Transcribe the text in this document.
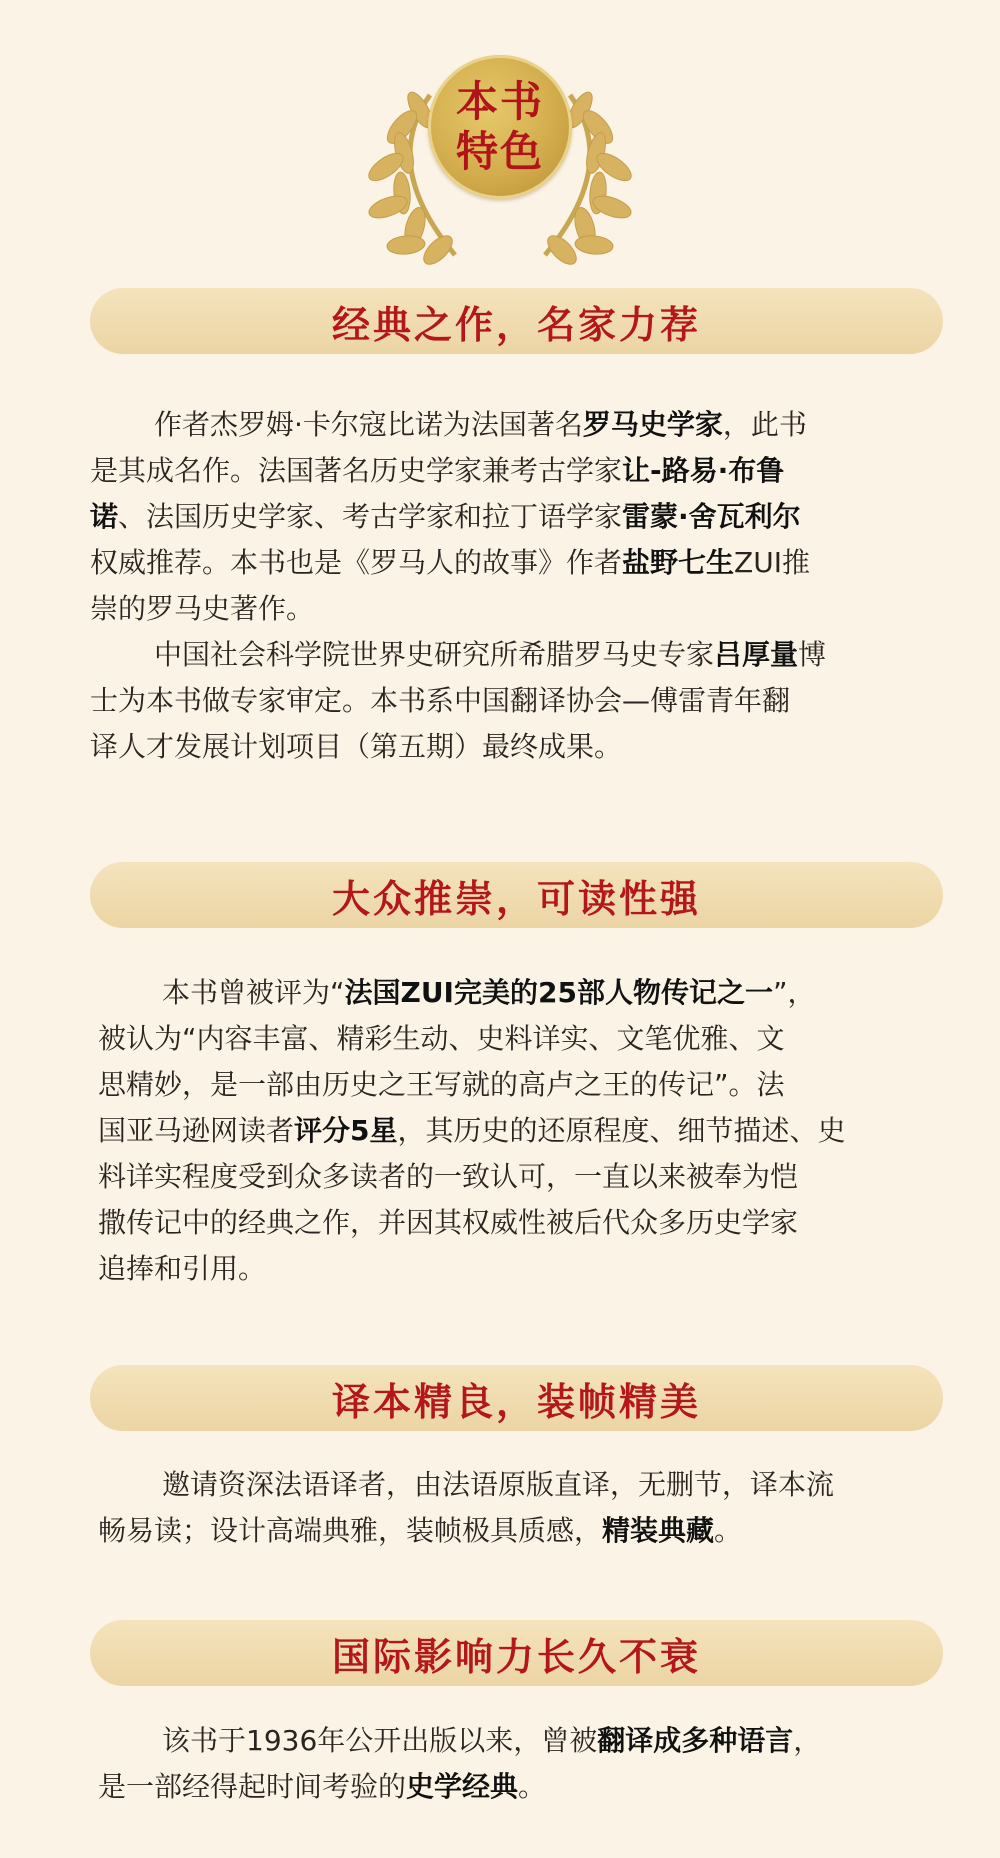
本书
特色
经典之作，名家力荐
作者杰罗姆·卡尔寇比诺为法国著名罗马史学家，此书
是其成名作。法国著名历史学家兼考古学家让-路易·布鲁
诺、法国历史学家、考古学家和拉丁语学家雷蒙·舍瓦利尔
权威推荐。本书也是《罗马人的故事》作者盐野七生ZUI推
崇的罗马史著作。
中国社会科学院世界史研究所希腊罗马史专家吕厚量博
士为本书做专家审定。本书系中国翻译协会—傅雷青年翻
译人才发展计划项目（第五期）最终成果。
大众推崇，可读性强
本书曾被评为“法国ZUI完美的25部人物传记之一”，
被认为“内容丰富、精彩生动、史料详实、文笔优雅、文
思精妙，是一部由历史之王写就的高卢之王的传记”。法
国亚马逊网读者评分5星，其历史的还原程度、细节描述、史
料详实程度受到众多读者的一致认可，一直以来被奉为恺
撒传记中的经典之作，并因其权威性被后代众多历史学家
追捧和引用。
译本精良，装帧精美
邀请资深法语译者，由法语原版直译，无删节，译本流
畅易读；设计高端典雅，装帧极具质感，精装典藏。
国际影响力长久不衰
该书于1936年公开出版以来，曾被翻译成多种语言，
是一部经得起时间考验的史学经典。
